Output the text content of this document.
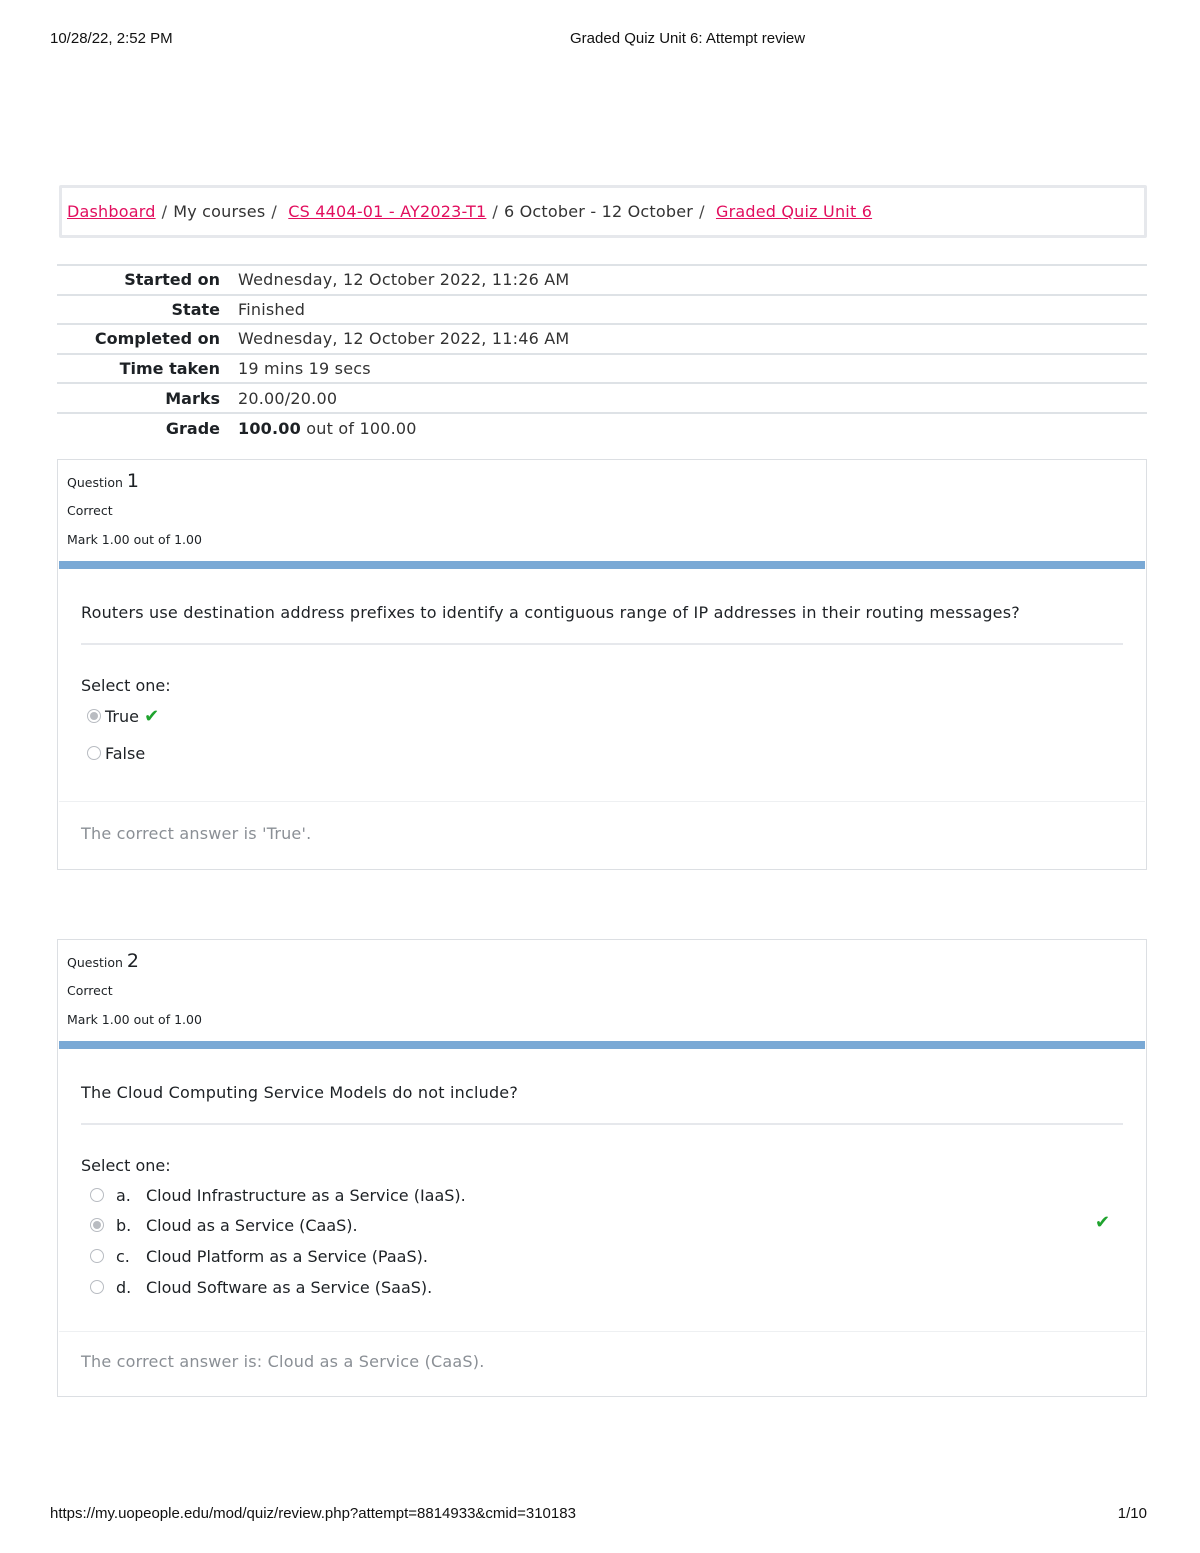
10/28/22, 2:52 PM	Graded Quiz Unit 6: Attempt review
Dashboard / My courses / CS 4404-01 - AY2023-T1 / 6 October - 12 October / Graded Quiz Unit 6
Started on	Wednesday, 12 October 2022, 11:26 AM
State	Finished
Completed on	Wednesday, 12 October 2022, 11:46 AM
Time taken	19 mins 19 secs
Marks	20.00/20.00
Grade	100.00 out of 100.00
Question 1
Correct
Mark 1.00 out of 1.00
Routers use destination address prefixes to identify a contiguous range of IP addresses in their routing messages?
Select one:
True ✔
False
The correct answer is 'True'.
Question 2
Correct
Mark 1.00 out of 1.00
The Cloud Computing Service Models do not include?
Select one:
a. Cloud Infrastructure as a Service (IaaS).
b. Cloud as a Service (CaaS).
c. Cloud Platform as a Service (PaaS).
d. Cloud Software as a Service (SaaS).
✔
The correct answer is: Cloud as a Service (CaaS).
https://my.uopeople.edu/mod/quiz/review.php?attempt=8814933&cmid=310183	1/10
